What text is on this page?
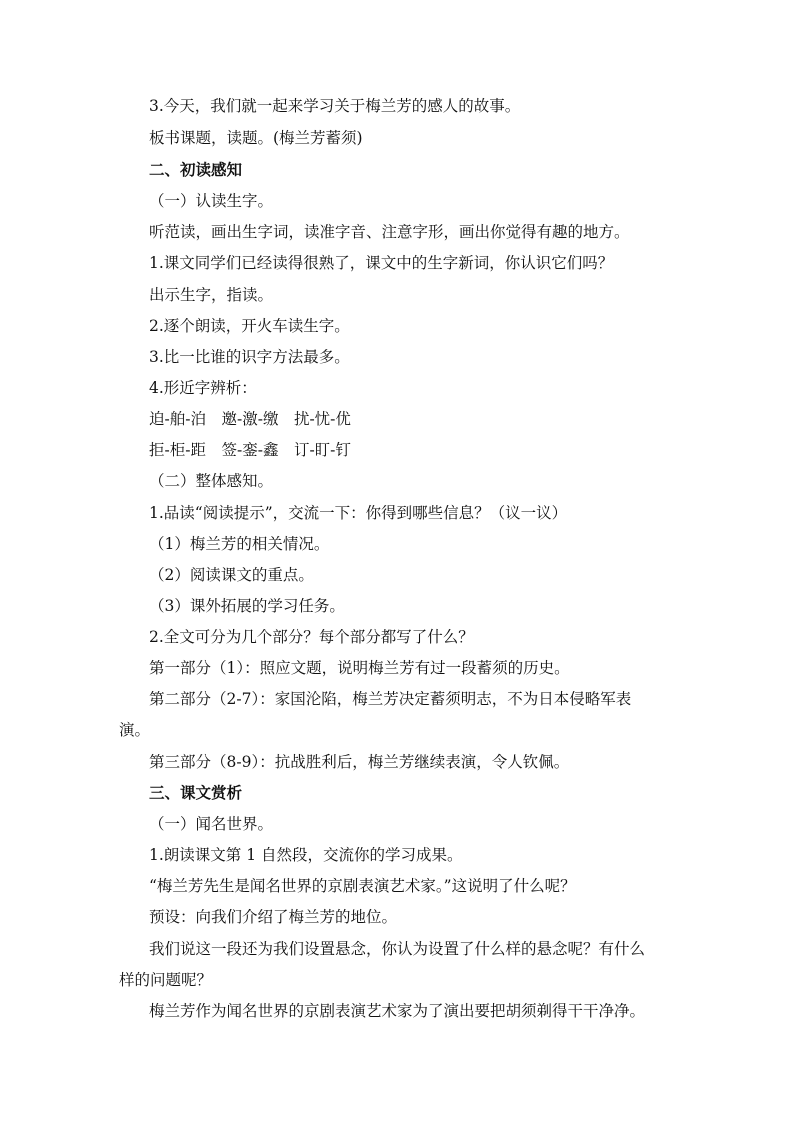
3.今天，我们就一起来学习关于梅兰芳的感人的故事。
板书课题，读题。(梅兰芳蓄须)
二、初读感知
（一）认读生字。
听范读，画出生字词，读准字音、注意字形，画出你觉得有趣的地方。
1.课文同学们已经读得很熟了，课文中的生字新词，你认识它们吗？
出示生字，指读。
2.逐个朗读，开火车读生字。
3.比一比谁的识字方法最多。
4.形近字辨析：
迫-舶-泊　邀-激-缴　扰-忧-优
拒-柜-距　签-銮-鑫　订-盯-钉
（二）整体感知。
1.品读“阅读提示”，交流一下：你得到哪些信息？（议一议）
（1）梅兰芳的相关情况。
（2）阅读课文的重点。
（3）课外拓展的学习任务。
2.全文可分为几个部分？每个部分都写了什么？
第一部分（1）：照应文题，说明梅兰芳有过一段蓄须的历史。
第二部分（2-7）：家国沦陷，梅兰芳决定蓄须明志，不为日本侵略军表
演。
第三部分（8-9）：抗战胜利后，梅兰芳继续表演，令人钦佩。
三、课文赏析
（一）闻名世界。
1.朗读课文第 1 自然段，交流你的学习成果。
“梅兰芳先生是闻名世界的京剧表演艺术家。”这说明了什么呢？
预设：向我们介绍了梅兰芳的地位。
我们说这一段还为我们设置悬念，你认为设置了什么样的悬念呢？有什么
样的问题呢？
梅兰芳作为闻名世界的京剧表演艺术家为了演出要把胡须剃得干干净净。
